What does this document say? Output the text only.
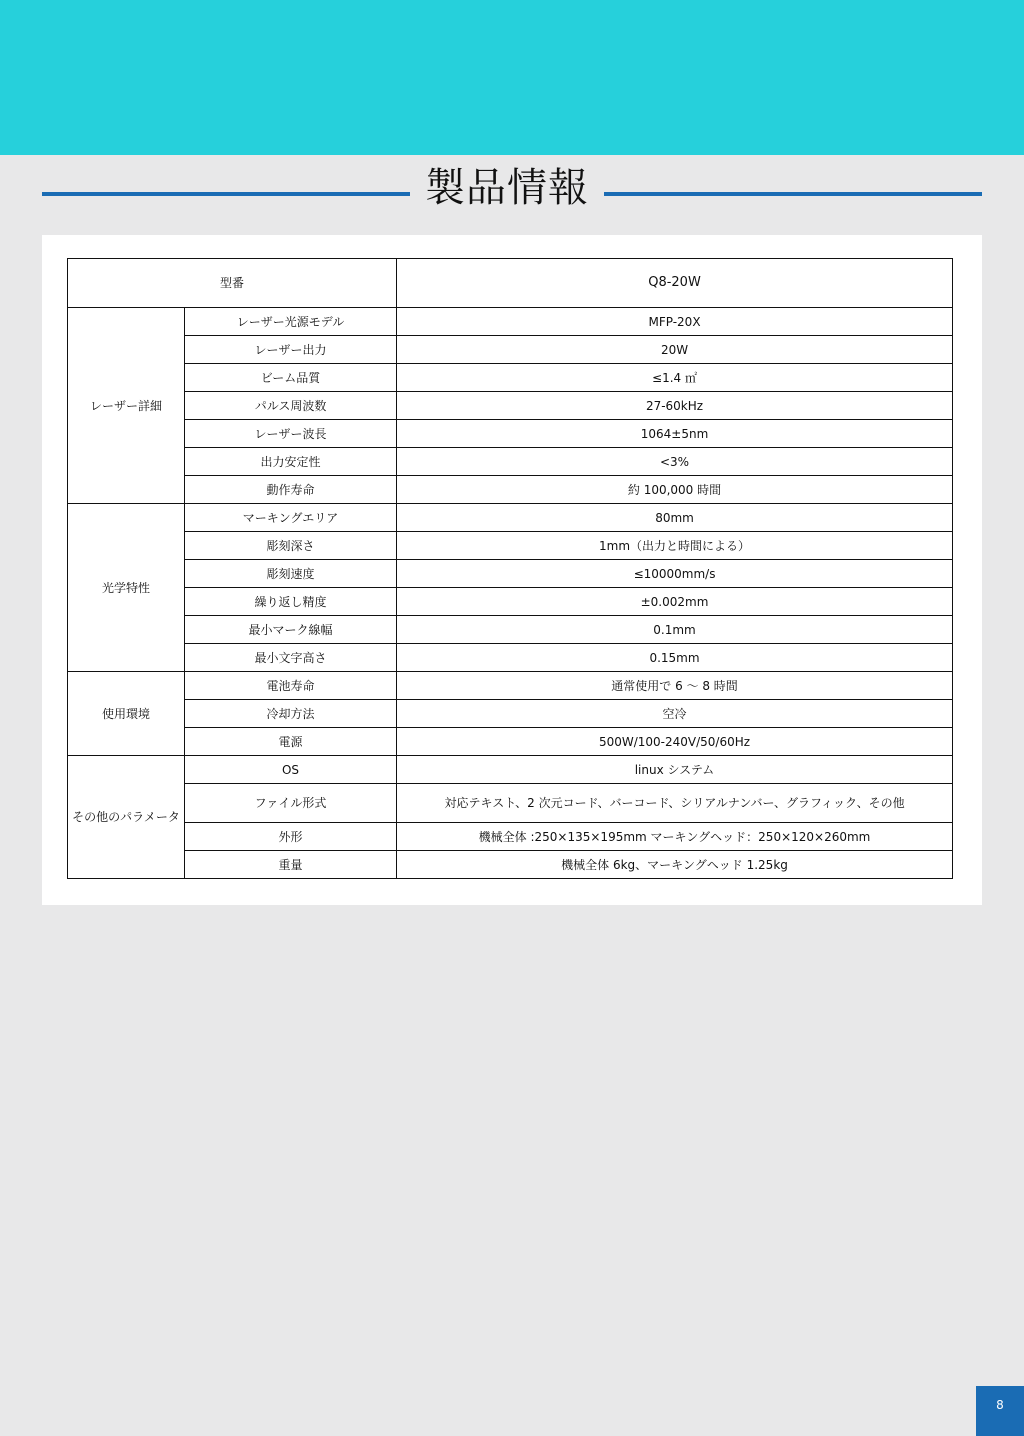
製品情報
型番		Q8-20W
レーザー詳細	レーザー光源モデル	MFP-20X
	レーザー出力	20W
	ビーム品質	≤1.4 ㎡
	パルス周波数	27-60kHz
	レーザー波長	1064±5nm
	出力安定性	<3%
	動作寿命	約 100,000 時間
光学特性	マーキングエリア	80mm
	彫刻深さ	1mm（出力と時間による）
	彫刻速度	≤10000mm/s
	繰り返し精度	±0.002mm
	最小マーク線幅	0.1mm
	最小文字高さ	0.15mm
使用環境	電池寿命	通常使用で 6 ～ 8 時間
	冷却方法	空冷
	電源	500W/100-240V/50/60Hz
その他のパラメータ	OS	linux システム
	ファイル形式	対応テキスト、2 次元コード、バーコード、シリアルナンバー、グラフィック、その他
	外形	機械全体 :250×135×195mm マーキングヘッド：250×120×260mm
	重量	機械全体 6kg、マーキングヘッド 1.25kg
8
